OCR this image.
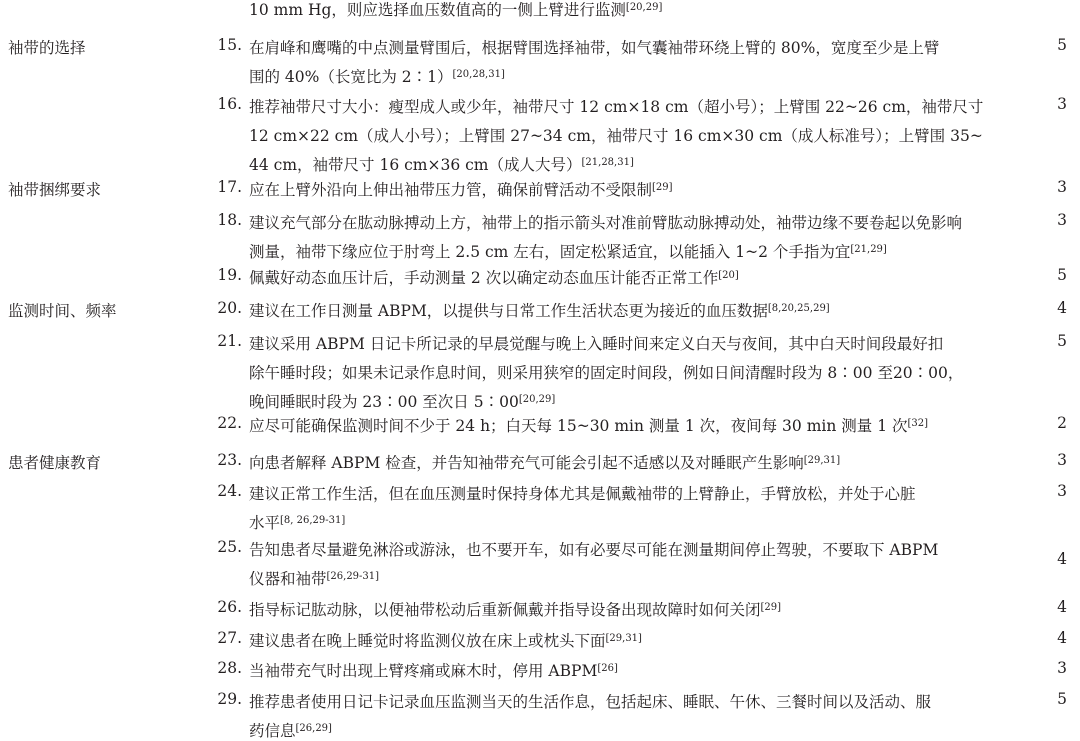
10 mm Hg，则应选择血压数值高的一侧上臂进行监测[20,29]
袖带的选择	15. 在肩峰和鹰嘴的中点测量臂围后，根据臂围选择袖带，如气囊袖带环绕上臂的 80%，宽度至少是上臂
围的 40%（长宽比为 2∶1）[20,28,31]
5
16. 推荐袖带尺寸大小：瘦型成人或少年，袖带尺寸 12 cm×18 cm（超小号）；上臂围 22~26 cm，袖带尺寸
12 cm×22 cm（成人小号）；上臂围 27~34 cm，袖带尺寸 16 cm×30 cm（成人标准号）；上臂围 35~
44 cm，袖带尺寸 16 cm×36 cm（成人大号）[21,28,31]
3
袖带捆绑要求	17. 应在上臂外沿向上伸出袖带压力管，确保前臂活动不受限制[29]	3
18. 建议充气部分在肱动脉搏动上方，袖带上的指示箭头对准前臂肱动脉搏动处，袖带边缘不要卷起以免影响
测量，袖带下缘应位于肘弯上 2.5 cm 左右，固定松紧适宜，以能插入 1~2 个手指为宜[21,29]
3
19. 佩戴好动态血压计后，手动测量 2 次以确定动态血压计能否正常工作[20]	5
监测时间、频率	20. 建议在工作日测量 ABPM，以提供与日常工作生活状态更为接近的血压数据[8,20,25,29]	4
21. 建议采用 ABPM 日记卡所记录的早晨觉醒与晚上入睡时间来定义白天与夜间，其中白天时间段最好扣
除午睡时段；如果未记录作息时间，则采用狭窄的固定时间段，例如日间清醒时段为 8∶00 至20∶00，
晚间睡眠时段为 23∶00 至次日 5∶00[20,29]
5
22. 应尽可能确保监测时间不少于 24 h；白天每 15~30 min 测量 1 次，夜间每 30 min 测量 1 次[32]	2
患者健康教育	23. 向患者解释 ABPM 检查，并告知袖带充气可能会引起不适感以及对睡眠产生影响[29,31]	3
24. 建议正常工作生活，但在血压测量时保持身体尤其是佩戴袖带的上臂静止，手臂放松，并处于心脏
水平[8, 26,29-31]
3
25. 告知患者尽量避免淋浴或游泳，也不要开车，如有必要尽可能在测量期间停止驾驶，不要取下 ABPM
仪器和袖带[26,29-31]
4
26. 指导标记肱动脉，以便袖带松动后重新佩戴并指导设备出现故障时如何关闭[29]	4
27. 建议患者在晚上睡觉时将监测仪放在床上或枕头下面[29,31]	4
28. 当袖带充气时出现上臂疼痛或麻木时，停用 ABPM[26]	3
29. 推荐患者使用日记卡记录血压监测当天的生活作息，包括起床、睡眠、午休、三餐时间以及活动、服
药信息[26,29]
5
